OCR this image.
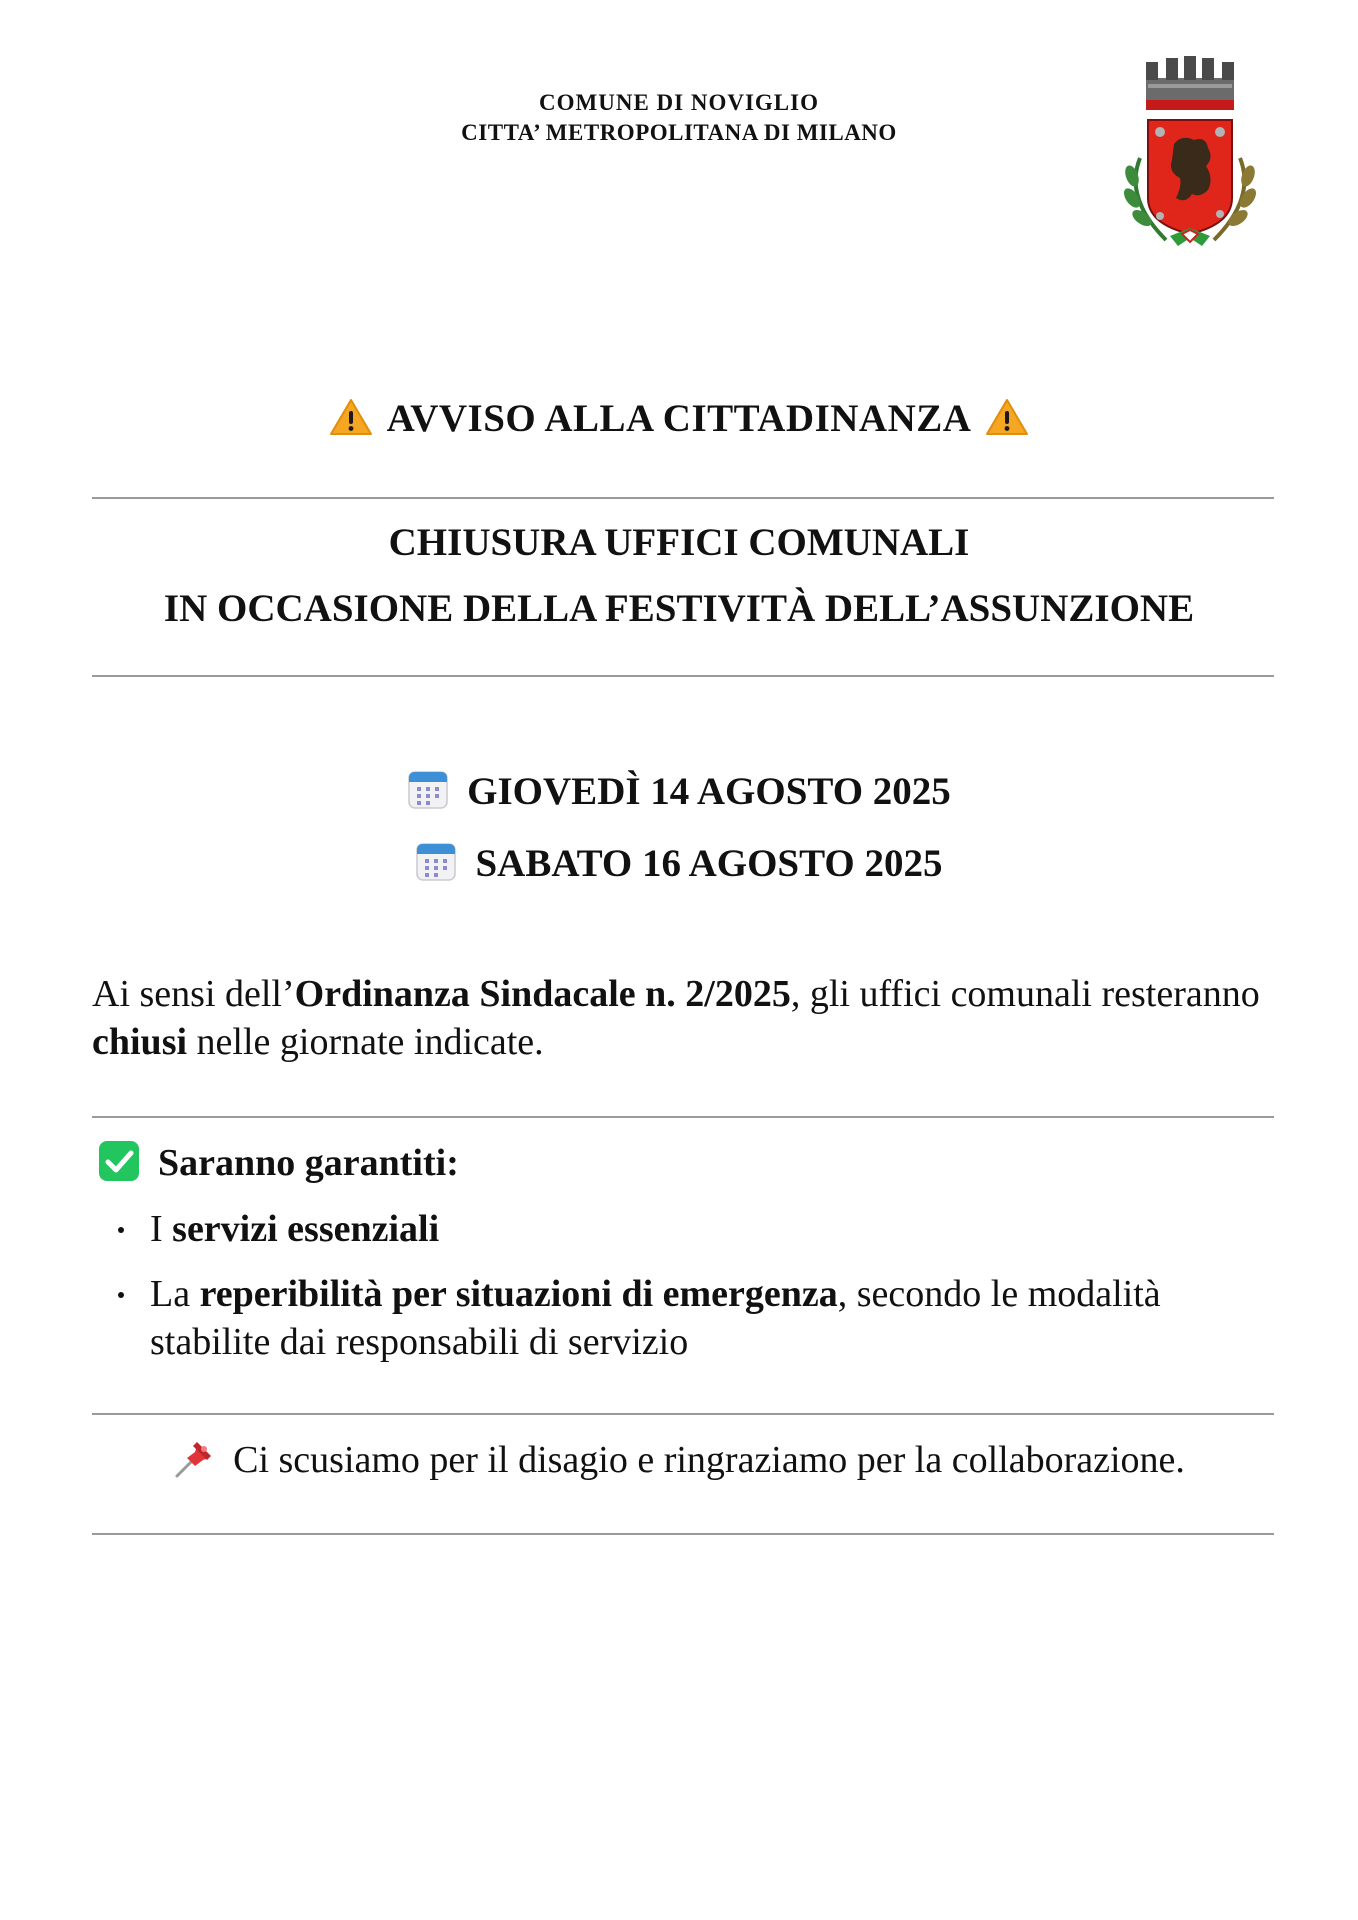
COMUNE DI NOVIGLIO
CITTA’ METROPOLITANA DI MILANO
AVVISO ALLA CITTADINANZA
CHIUSURA UFFICI COMUNALI
IN OCCASIONE DELLA FESTIVITÀ DELL’ASSUNZIONE
GIOVEDÌ 14 AGOSTO 2025
SABATO 16 AGOSTO 2025
Ai sensi dell’Ordinanza Sindacale n. 2/2025, gli uffici comunali resteranno chiusi nelle giornate indicate.
Saranno garantiti:
I servizi essenziali
La reperibilità per situazioni di emergenza, secondo le modalità stabilite dai responsabili di servizio
Ci scusiamo per il disagio e ringraziamo per la collaborazione.
